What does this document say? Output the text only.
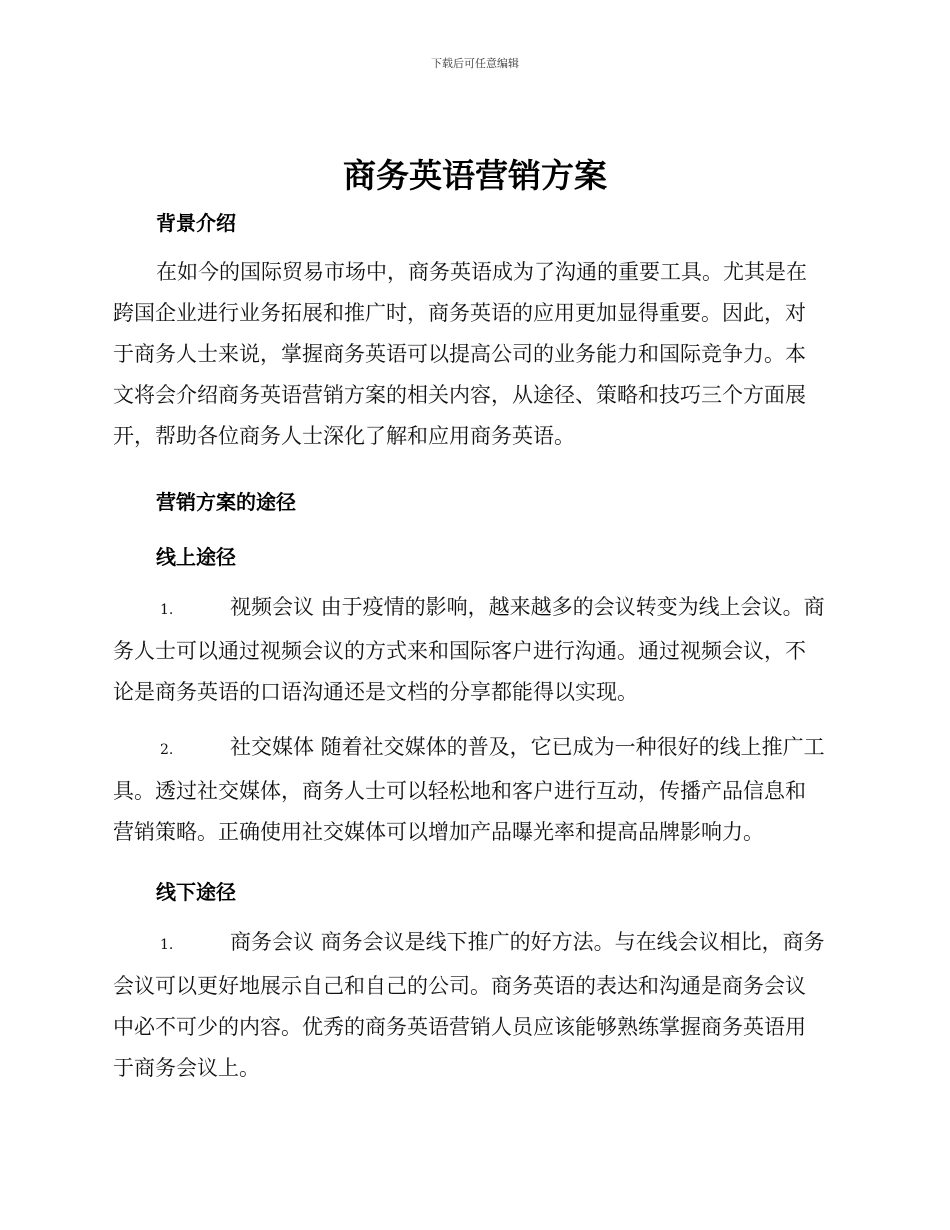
下载后可任意编辑
商务英语营销方案
背景介绍
在如今的国际贸易市场中，商务英语成为了沟通的重要工具。尤其是在
跨国企业进行业务拓展和推广时，商务英语的应用更加显得重要。因此，对
于商务人士来说，掌握商务英语可以提高公司的业务能力和国际竞争力。本
文将会介绍商务英语营销方案的相关内容，从途径、策略和技巧三个方面展
开，帮助各位商务人士深化了解和应用商务英语。
营销方案的途径
线上途径
1.	视频会议 由于疫情的影响，越来越多的会议转变为线上会议。商
务人士可以通过视频会议的方式来和国际客户进行沟通。通过视频会议，不
论是商务英语的口语沟通还是文档的分享都能得以实现。
2.	社交媒体 随着社交媒体的普及，它已成为一种很好的线上推广工
具。透过社交媒体，商务人士可以轻松地和客户进行互动，传播产品信息和
营销策略。正确使用社交媒体可以增加产品曝光率和提高品牌影响力。
线下途径
1.	商务会议 商务会议是线下推广的好方法。与在线会议相比，商务
会议可以更好地展示自己和自己的公司。商务英语的表达和沟通是商务会议
中必不可少的内容。优秀的商务英语营销人员应该能够熟练掌握商务英语用
于商务会议上。
